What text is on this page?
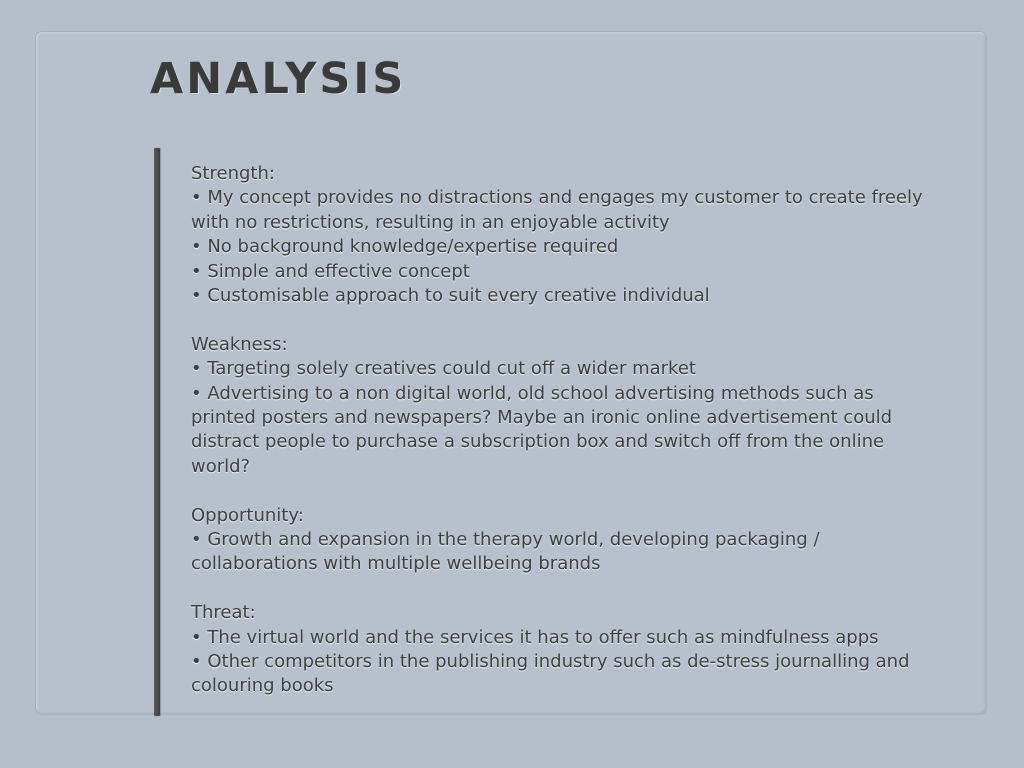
ANALYSIS
Strength:
• My concept provides no distractions and engages my customer to create freely with no restrictions, resulting in an enjoyable activity
• No background knowledge/expertise required
• Simple and effective concept
• Customisable approach to suit every creative individual
Weakness:
• Targeting solely creatives could cut off a wider market
• Advertising to a non digital world, old school advertising methods such as printed posters and newspapers? Maybe an ironic online advertisement could distract people to purchase a subscription box and switch off from the online world?
Opportunity:
• Growth and expansion in the therapy world, developing packaging / collaborations with multiple wellbeing brands
Threat:
• The virtual world and the services it has to offer such as mindfulness apps
• Other competitors in the publishing industry such as de-stress journalling and colouring books
